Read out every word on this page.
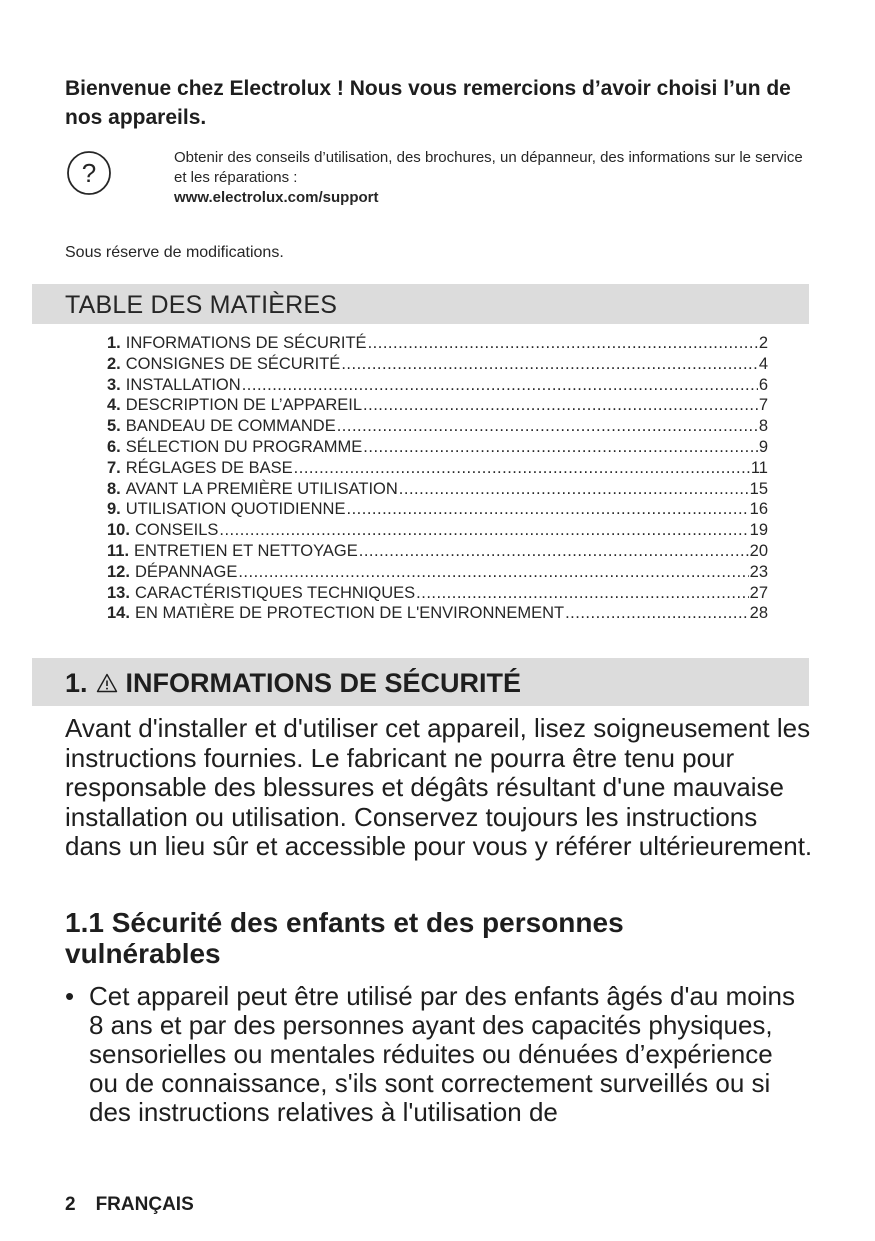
Bienvenue chez Electrolux ! Nous vous remercions d’avoir choisi l’un de nos appareils.
?
Obtenir des conseils d’utilisation, des brochures, un dépanneur, des informations sur le service et les réparations :
www.electrolux.com/support
Sous réserve de modifications.
TABLE DES MATIÈRES
1. INFORMATIONS DE SÉCURITÉ .....	2
2. CONSIGNES DE SÉCURITÉ .....	4
3. INSTALLATION .....	6
4. DESCRIPTION DE L’APPAREIL .....	7
5. BANDEAU DE COMMANDE .....	8
6. SÉLECTION DU PROGRAMME .....	9
7. RÉGLAGES DE BASE .....	11
8. AVANT LA PREMIÈRE UTILISATION .....	15
9. UTILISATION QUOTIDIENNE .....	16
10. CONSEILS .....	19
11. ENTRETIEN ET NETTOYAGE .....	20
12. DÉPANNAGE .....	23
13. CARACTÉRISTIQUES TECHNIQUES .....	27
14. EN MATIÈRE DE PROTECTION DE L'ENVIRONNEMENT .....	28
1. INFORMATIONS DE SÉCURITÉ

Avant d'installer et d'utiliser cet appareil, lisez soigneusement les instructions fournies. Le fabricant ne pourra être tenu pour responsable des blessures et dégâts résultant d'une mauvaise installation ou utilisation. Conservez toujours les instructions dans un lieu sûr et accessible pour vous y référer ultérieurement.

1.1 Sécurité des enfants et des personnes vulnérables
• Cet appareil peut être utilisé par des enfants âgés d'au moins 8 ans et par des personnes ayant des capacités physiques, sensorielles ou mentales réduites ou dénuées d’expérience ou de connaissance, s'ils sont correctement surveillés ou si des instructions relatives à l'utilisation de
2 FRANÇAIS
